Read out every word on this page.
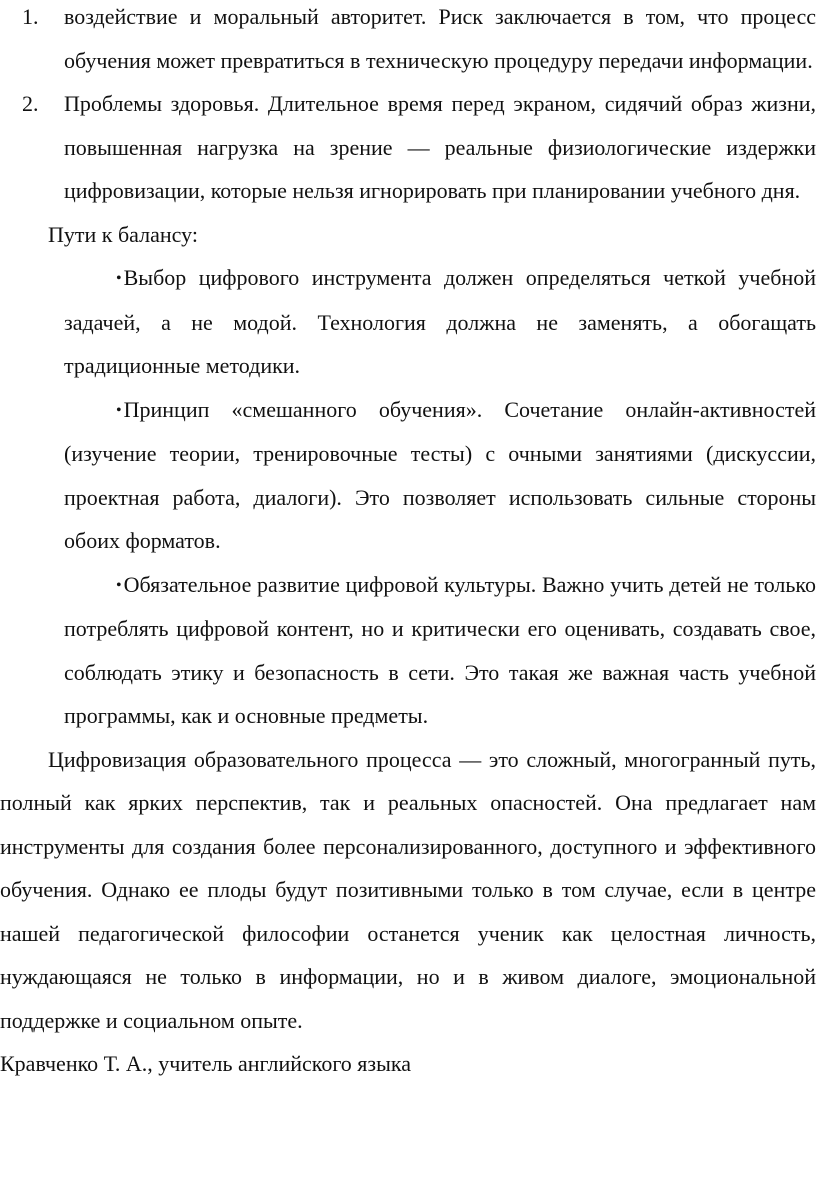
1. воздействие и моральный авторитет. Риск заключается в том, что процесс обучения может превратиться в техническую процедуру передачи информации.
2. Проблемы здоровья. Длительное время перед экраном, сидячий образ жизни, повышенная нагрузка на зрение — реальные физиологические издержки цифровизации, которые нельзя игнорировать при планировании учебного дня.
Пути к балансу:
•Выбор цифрового инструмента должен определяться четкой учебной задачей, а не модой. Технология должна не заменять, а обогащать традиционные методики.
•Принцип «смешанного обучения». Сочетание онлайн-активностей (изучение теории, тренировочные тесты) с очными занятиями (дискуссии, проектная работа, диалоги). Это позволяет использовать сильные стороны обоих форматов.
•Обязательное развитие цифровой культуры. Важно учить детей не только потреблять цифровой контент, но и критически его оценивать, создавать свое, соблюдать этику и безопасность в сети. Это такая же важная часть учебной программы, как и основные предметы.
Цифровизация образовательного процесса — это сложный, многогранный путь, полный как ярких перспектив, так и реальных опасностей. Она предлагает нам инструменты для создания более персонализированного, доступного и эффективного обучения. Однако ее плоды будут позитивными только в том случае, если в центре нашей педагогической философии останется ученик как целостная личность, нуждающаяся не только в информации, но и в живом диалоге, эмоциональной поддержке и социальном опыте.
Кравченко Т. А., учитель английского языка
